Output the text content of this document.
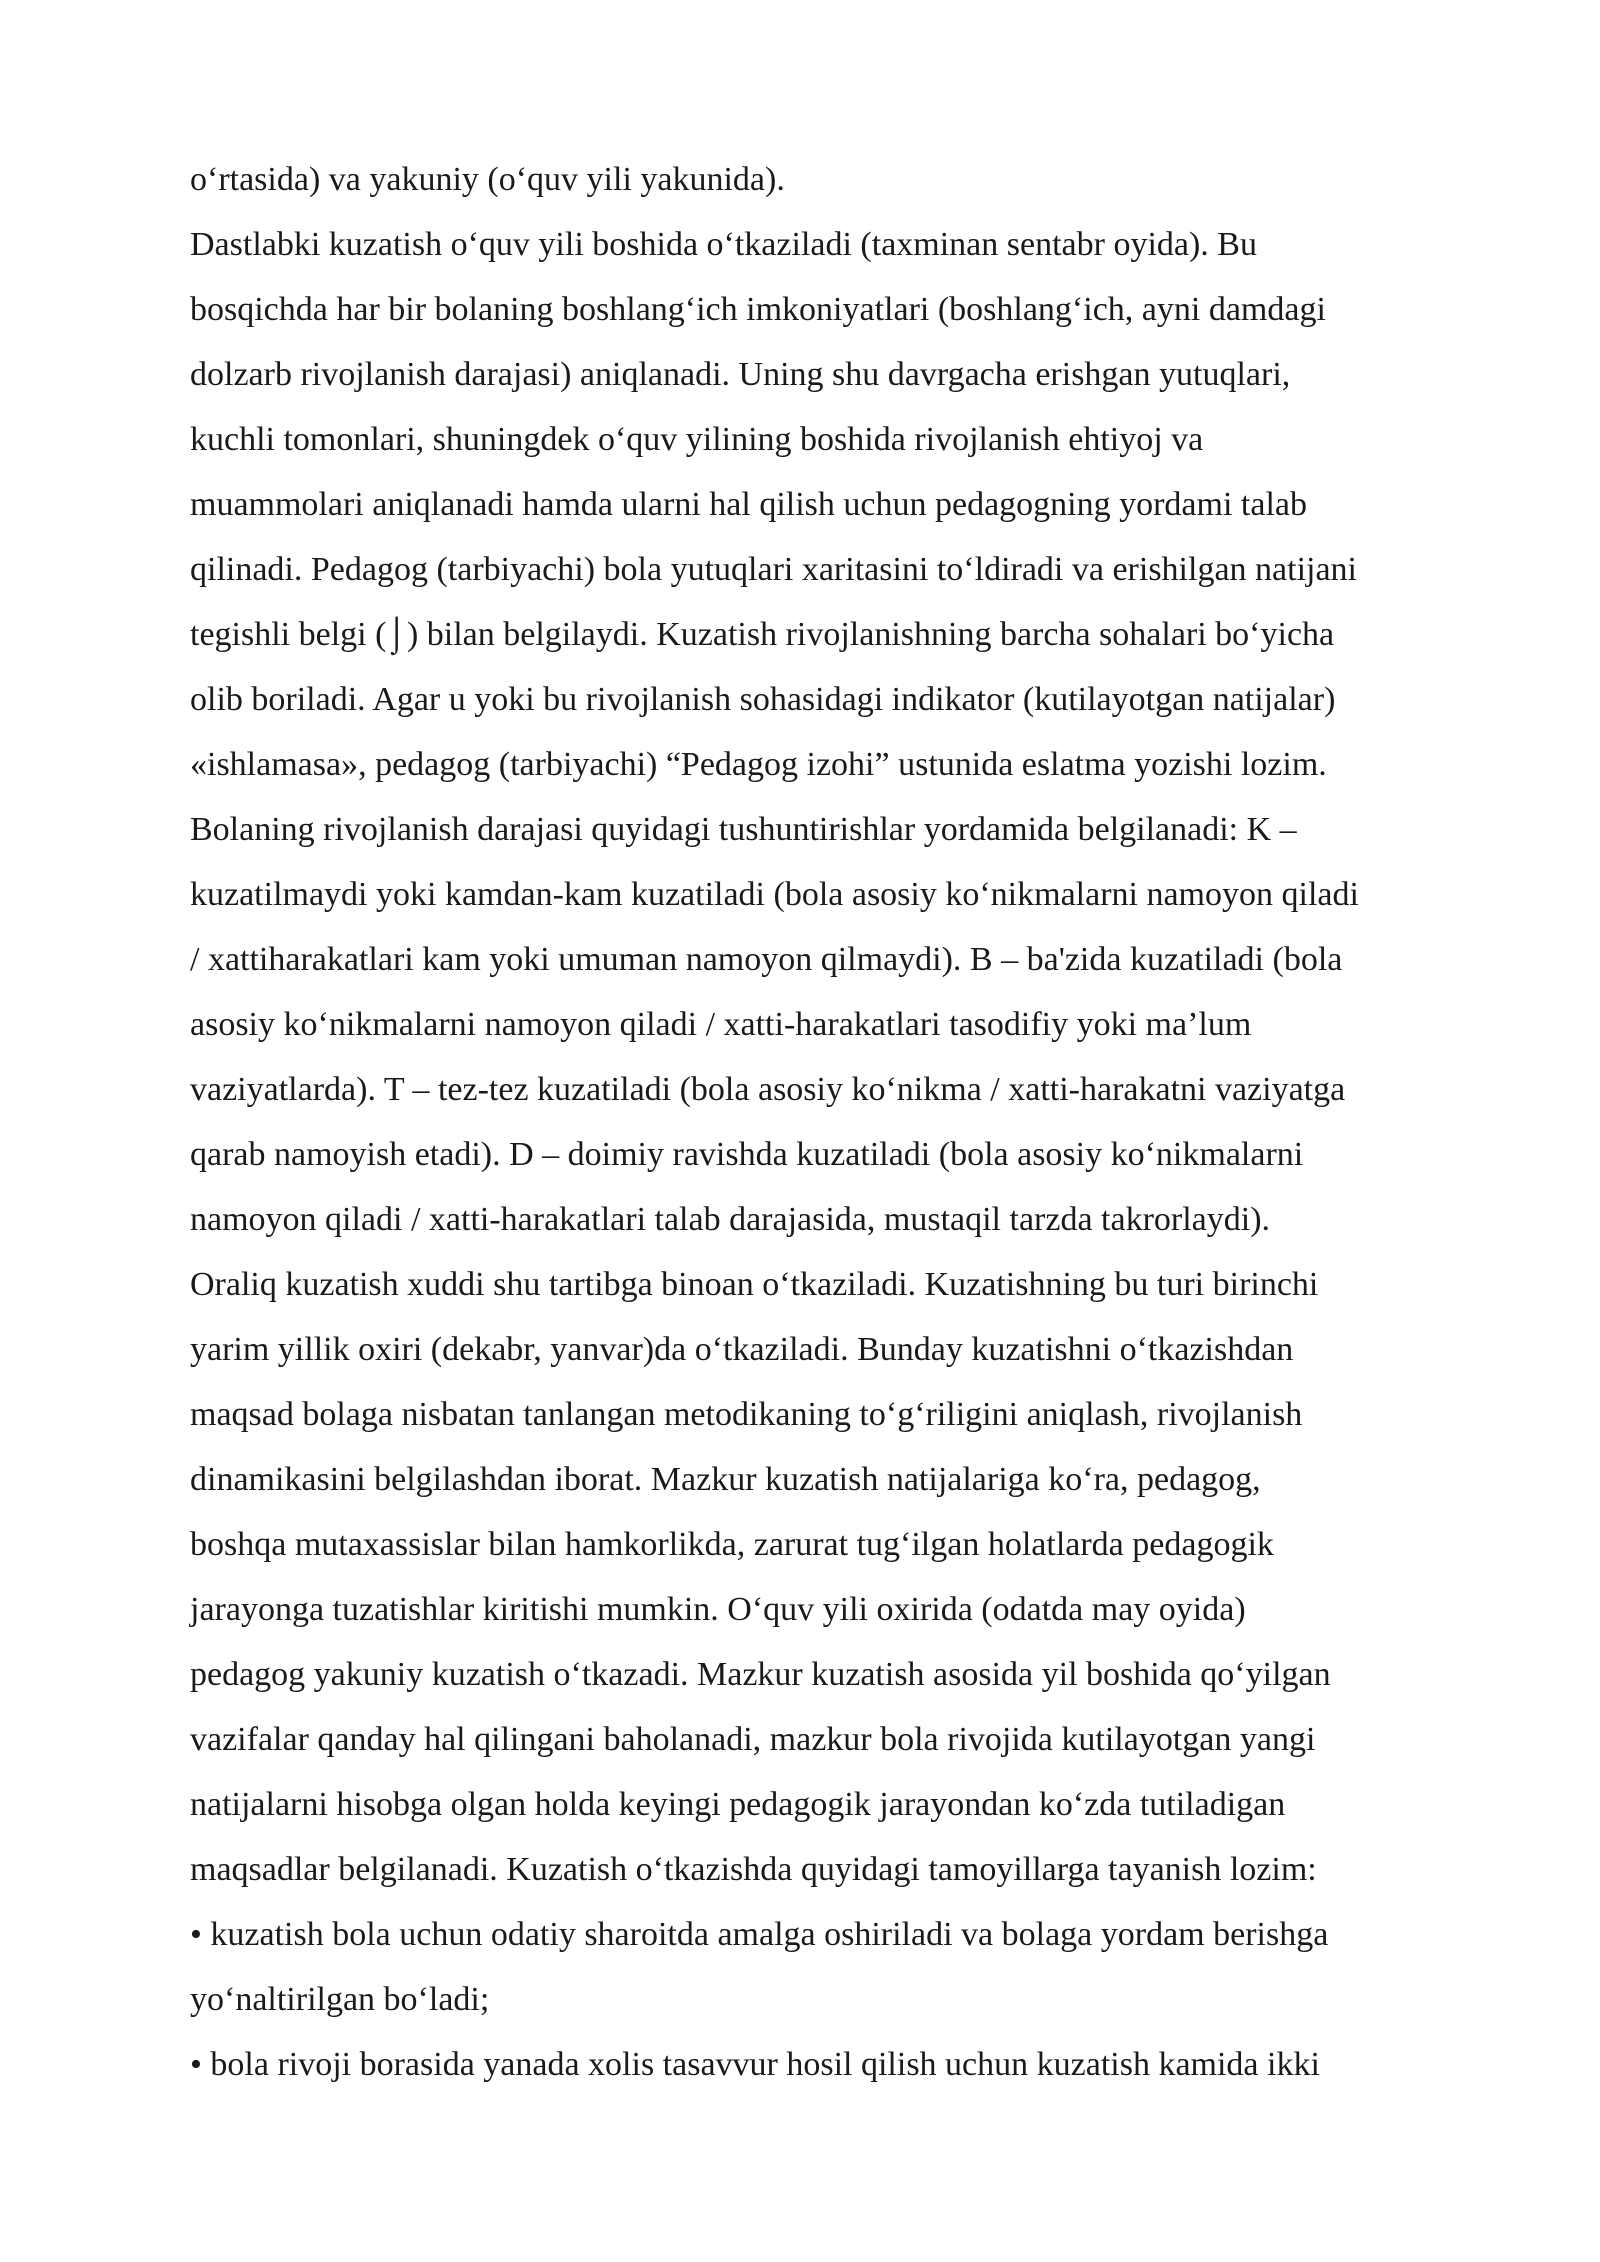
o‘rtasida) va yakuniy (o‘quv yili yakunida).
Dastlabki kuzatish o‘quv yili boshida o‘tkaziladi (taxminan sentabr oyida). Bu
bosqichda har bir bolaning boshlang‘ich imkoniyatlari (boshlang‘ich, ayni damdagi
dolzarb rivojlanish darajasi) aniqlanadi. Uning shu davrgacha erishgan yutuqlari,
kuchli tomonlari, shuningdek o‘quv yilining boshida rivojlanish ehtiyoj va
muammolari aniqlanadi hamda ularni hal qilish uchun pedagogning yordami talab
qilinadi. Pedagog (tarbiyachi) bola yutuqlari xaritasini to‘ldiradi va erishilgan natijani
tegishli belgi (⌡) bilan belgilaydi. Kuzatish rivojlanishning barcha sohalari bo‘yicha
olib boriladi. Agar u yoki bu rivojlanish sohasidagi indikator (kutilayotgan natijalar)
«ishlamasa», pedagog (tarbiyachi) “Pedagog izohi” ustunida eslatma yozishi lozim.
Bolaning rivojlanish darajasi quyidagi tushuntirishlar yordamida belgilanadi: K –
kuzatilmaydi yoki kamdan-kam kuzatiladi (bola asosiy ko‘nikmalarni namoyon qiladi
/ xattiharakatlari kam yoki umuman namoyon qilmaydi). B – ba'zida kuzatiladi (bola
asosiy ko‘nikmalarni namoyon qiladi / xatti-harakatlari tasodifiy yoki ma’lum
vaziyatlarda). T – tez-tez kuzatiladi (bola asosiy ko‘nikma / xatti-harakatni vaziyatga
qarab namoyish etadi). D – doimiy ravishda kuzatiladi (bola asosiy ko‘nikmalarni
namoyon qiladi / xatti-harakatlari talab darajasida, mustaqil tarzda takrorlaydi).
Oraliq kuzatish xuddi shu tartibga binoan o‘tkaziladi. Kuzatishning bu turi birinchi
yarim yillik oxiri (dekabr, yanvar)da o‘tkaziladi. Bunday kuzatishni o‘tkazishdan
maqsad bolaga nisbatan tanlangan metodikaning to‘g‘riligini aniqlash, rivojlanish
dinamikasini belgilashdan iborat. Mazkur kuzatish natijalariga ko‘ra, pedagog,
boshqa mutaxassislar bilan hamkorlikda, zarurat tug‘ilgan holatlarda pedagogik
jarayonga tuzatishlar kiritishi mumkin. O‘quv yili oxirida (odatda may oyida)
pedagog yakuniy kuzatish o‘tkazadi. Mazkur kuzatish asosida yil boshida qo‘yilgan
vazifalar qanday hal qilingani baholanadi, mazkur bola rivojida kutilayotgan yangi
natijalarni hisobga olgan holda keyingi pedagogik jarayondan ko‘zda tutiladigan
maqsadlar belgilanadi. Kuzatish o‘tkazishda quyidagi tamoyillarga tayanish lozim:
• kuzatish bola uchun odatiy sharoitda amalga oshiriladi va bolaga yordam berishga
yo‘naltirilgan bo‘ladi;
• bola rivoji borasida yanada xolis tasavvur hosil qilish uchun kuzatish kamida ikki
